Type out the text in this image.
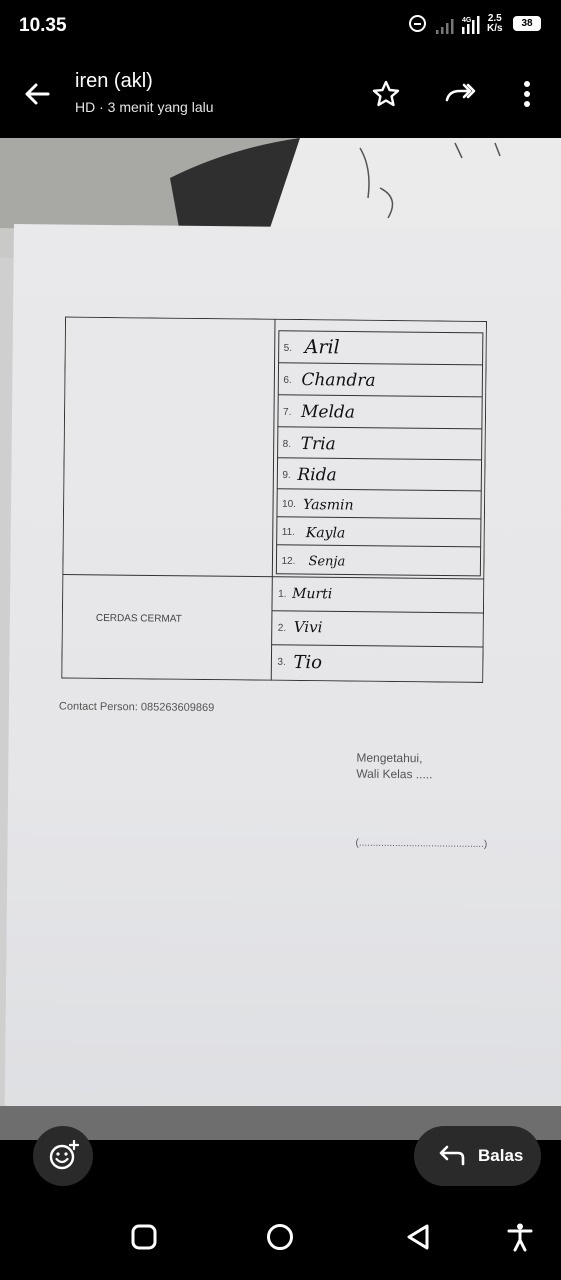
10.35	4G 2.5
K/s	38
iren (akl)
HD · 3 menit yang lalu
CERDAS CERMAT
5. Aril
6. Chandra
7. Melda
8. Tria
9. Rida
10. Yasmin
11. Kayla
12. Senja
1. Murti
2. Vivi
3. Tio
Contact Person: 085263609869
Mengetahui,
Wali Kelas .....
(.............................................)
Balas
